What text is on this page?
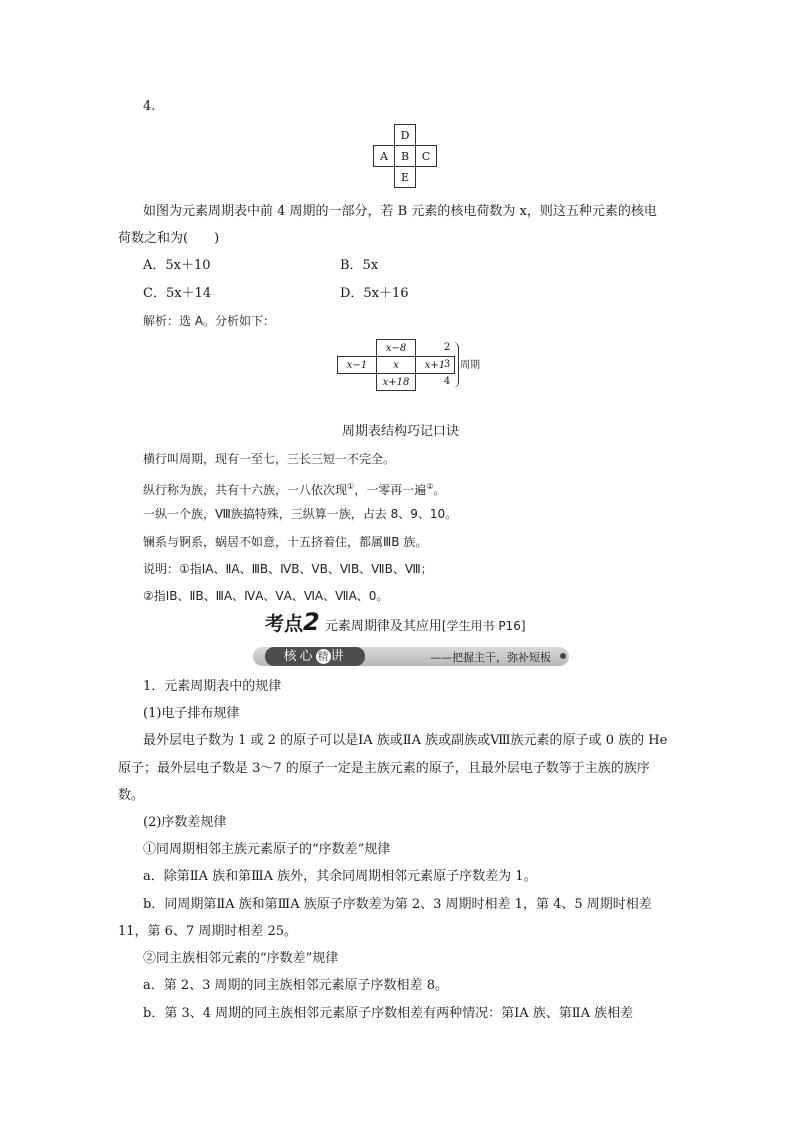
4.
	D	
A	B	C
	E	
如图为元素周期表中前 4 周期的一部分，若 B 元素的核电荷数为 x，则这五种元素的核电
荷数之和为(　　)
A．5x＋10	B．5x
C．5x＋14	D．5x＋16
解析：选 A。分析如下：
	x−8	
x−1	x	x+1
	x+18	
2
3
4
周期
周期表结构巧记口诀
横行叫周期，现有一至七，三长三短一不完全。
纵行称为族，共有十六族，一八依次现①，一零再一遍②。
一纵一个族，Ⅷ族搞特殊，三纵算一族，占去 8、9、10。
镧系与锕系，蜗居不如意，十五挤着住，都属ⅢB 族。
说明：①指ⅠA、ⅡA、ⅢB、ⅣB、ⅤB、ⅥB、ⅦB、Ⅷ；
②指ⅠB、ⅡB、ⅢA、ⅣA、ⅤA、ⅥA、ⅦA、0。
考点2 元素周期律及其应用[学生用书 P16]
核心 精 讲	——把握主干，弥补短板
1．元素周期表中的规律
(1)电子排布规律
最外层电子数为 1 或 2 的原子可以是ⅠA 族或ⅡA 族或副族或Ⅷ族元素的原子或 0 族的 He
原子；最外层电子数是 3～7 的原子一定是主族元素的原子，且最外层电子数等于主族的族序
数。
(2)序数差规律
①同周期相邻主族元素原子的“序数差”规律
a．除第ⅡA 族和第ⅢA 族外，其余同周期相邻元素原子序数差为 1。
b．同周期第ⅡA 族和第ⅢA 族原子序数差为第 2、3 周期时相差 1，第 4、5 周期时相差
11，第 6、7 周期时相差 25。
②同主族相邻元素的“序数差”规律
a．第 2、3 周期的同主族相邻元素原子序数相差 8。
b．第 3、4 周期的同主族相邻元素原子序数相差有两种情况：第ⅠA 族、第ⅡA 族相差
